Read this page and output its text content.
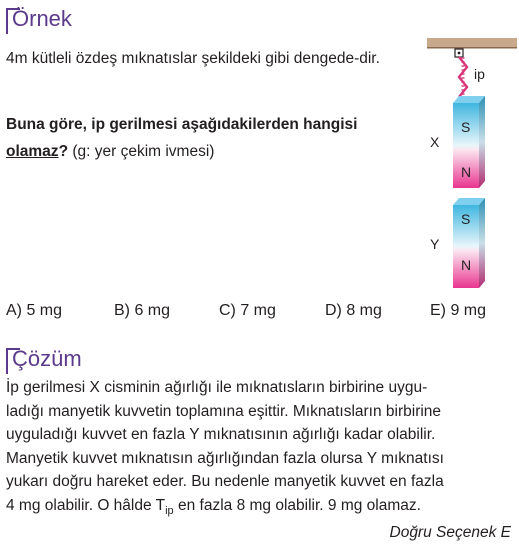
Örnek
4m kütleli özdeş mıknatıslar şekildeki gibi dengede-dir.
Buna göre, ip gerilmesi aşağıdakilerden hangisi
olamaz? (g: yer çekim ivmesi)
ip
X
S
N
Y
S
N
A) 5 mg	B) 6 mg	C) 7 mg	D) 8 mg	E) 9 mg
Çözüm
İp gerilmesi X cisminin ağırlığı ile mıknatısların birbirine uygu-
ladığı manyetik kuvvetin toplamına eşittir. Mıknatısların birbirine
uyguladığı kuvvet en fazla Y mıknatısının ağırlığı kadar olabilir.
Manyetik kuvvet mıknatısın ağırlığından fazla olursa Y mıknatısı
yukarı doğru hareket eder. Bu nedenle manyetik kuvvet en fazla
4 mg olabilir. O hâlde $T_{ip}$ en fazla 8 mg olabilir. 9 mg olamaz.
Doğru Seçenek E
